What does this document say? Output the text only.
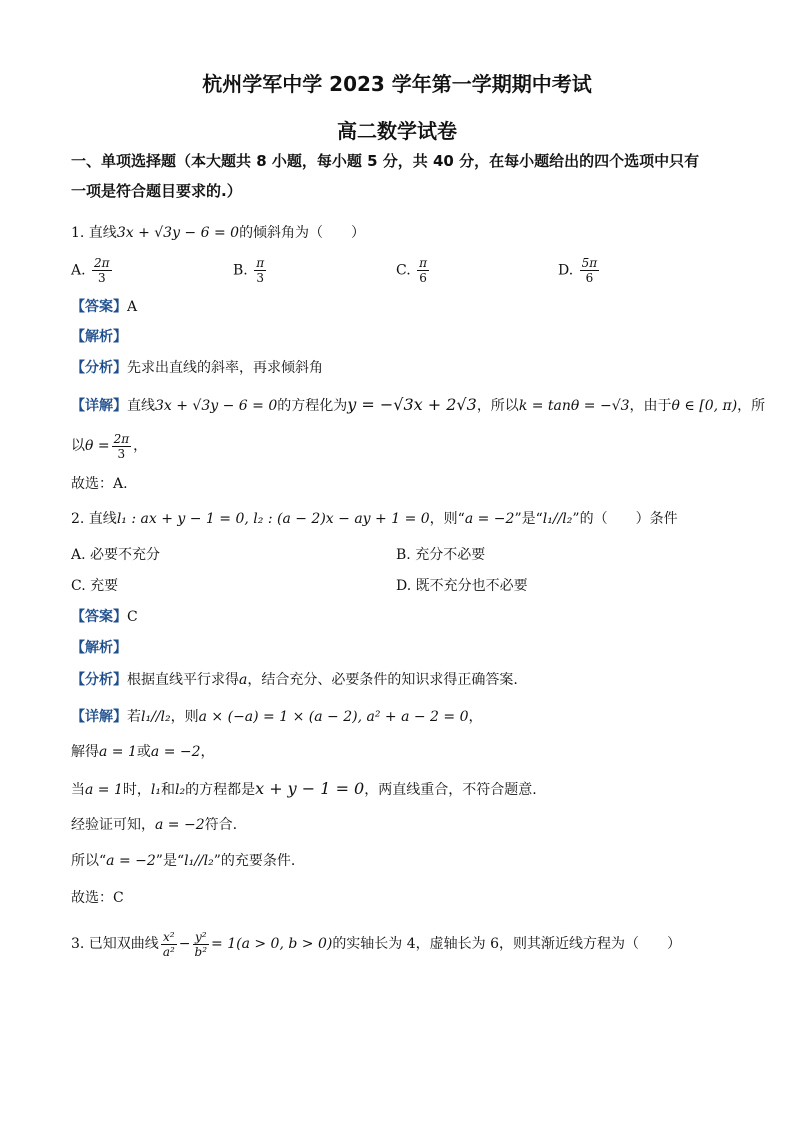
杭州学军中学 2023 学年第一学期期中考试
高二数学试卷
一、单项选择题（本大题共 8 小题，每小题 5 分，共 40 分，在每小题给出的四个选项中只有
一项是符合题目要求的.）
1. 直线3x + √3y − 6 = 0的倾斜角为（　　）
A. $\frac{2\pi}{3}$	B. $\frac{\pi}{3}$	C. $\frac{\pi}{6}$	D. $\frac{5\pi}{6}$
【答案】A
【解析】
【分析】先求出直线的斜率，再求倾斜角
【详解】直线3x + √3y − 6 = 0的方程化为y = −√3x + 2√3，所以k = tanθ = −√3，由于θ ∈ [0, π)，所
以$\theta = \frac{2\pi}{3}$ ，
故选：A.
2. 直线l₁ : ax + y − 1 = 0, l₂ : (a − 2)x − ay + 1 = 0，则“a = −2”是“l₁//l₂”的（　　）条件
A. 必要不充分	B. 充分不必要
C. 充要	D. 既不充分也不必要
【答案】C
【解析】
【分析】根据直线平行求得a，结合充分、必要条件的知识求得正确答案.
【详解】若l₁//l₂，则a × (−a) = 1 × (a − 2), a² + a − 2 = 0，
解得a = 1或a = −2，
当a = 1时，l₁和l₂的方程都是x + y − 1 = 0，两直线重合，不符合题意.
经验证可知，a = −2符合.
所以“a = −2”是“l₁//l₂”的充要条件.
故选：C
3. 已知双曲线 $\frac{\text{x²}}{\text{a²}} - \frac{\text{y²}}{\text{b²}} = 1(a > 0$, b > 0)的实轴长为 4，虚轴长为 6，则其渐近线方程为（　　）
